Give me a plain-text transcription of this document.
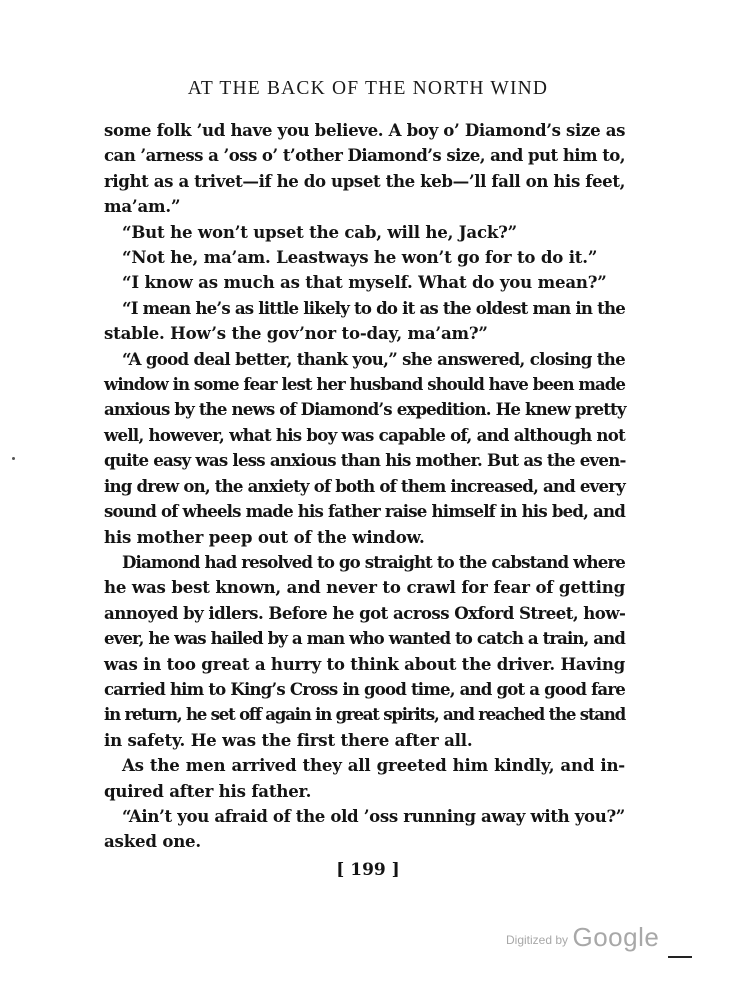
AT THE BACK OF THE NORTH WIND
some folk ’ud have you believe. A boy o’ Diamond’s size as
can ’arness a ’oss o’ t’other Diamond’s size, and put him to,
right as a trivet—if he do upset the keb—’ll fall on his feet,
ma’am.”
“But he won’t upset the cab, will he, Jack?”
“Not he, ma’am. Leastways he won’t go for to do it.”
“I know as much as that myself. What do you mean?”
“I mean he’s as little likely to do it as the oldest man in the
stable. How’s the gov’nor to-day, ma’am?”
“A good deal better, thank you,” she answered, closing the
window in some fear lest her husband should have been made
anxious by the news of Diamond’s expedition. He knew pretty
well, however, what his boy was capable of, and although not
quite easy was less anxious than his mother. But as the even-
ing drew on, the anxiety of both of them increased, and every
sound of wheels made his father raise himself in his bed, and
his mother peep out of the window.
Diamond had resolved to go straight to the cabstand where
he was best known, and never to crawl for fear of getting
annoyed by idlers. Before he got across Oxford Street, how-
ever, he was hailed by a man who wanted to catch a train, and
was in too great a hurry to think about the driver. Having
carried him to King’s Cross in good time, and got a good fare
in return, he set off again in great spirits, and reached the stand
in safety. He was the first there after all.
As the men arrived they all greeted him kindly, and in-
quired after his father.
“Ain’t you afraid of the old ’oss running away with you?”
asked one.
[ 199 ]
Digitized by Google
